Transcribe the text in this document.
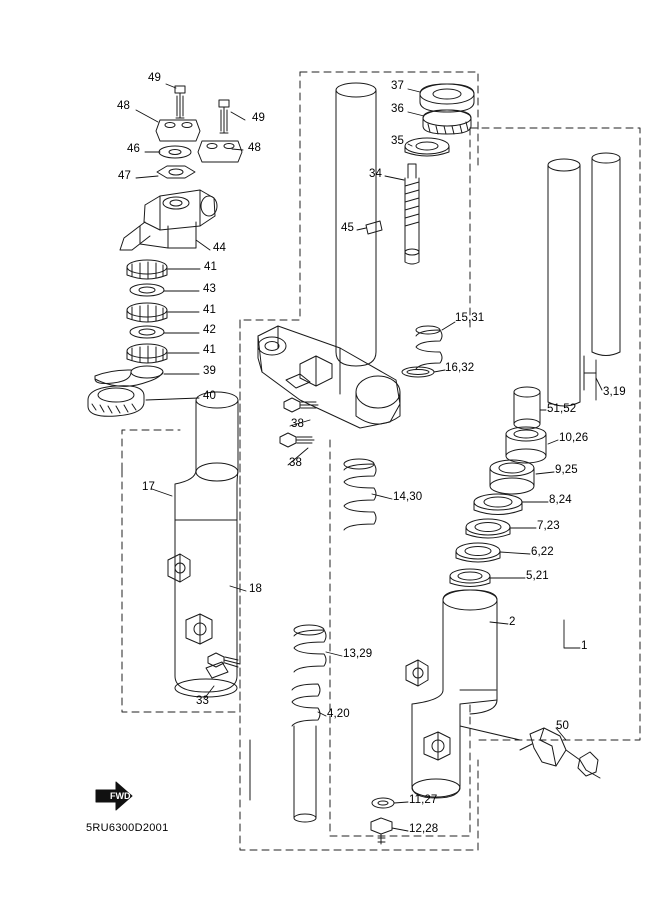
49
48
49
46	48
47
44
41
43
41
42
41
39
40
37
36
35
34
45
15,31
16,32
3,19
51,52
10,26
9,25
8,24
7,23
6,22
5,21
2
1
17
18
33
38
38
14,30
13,29
4,20
50
11,27
12,28
FWD
5RU6300D2001
